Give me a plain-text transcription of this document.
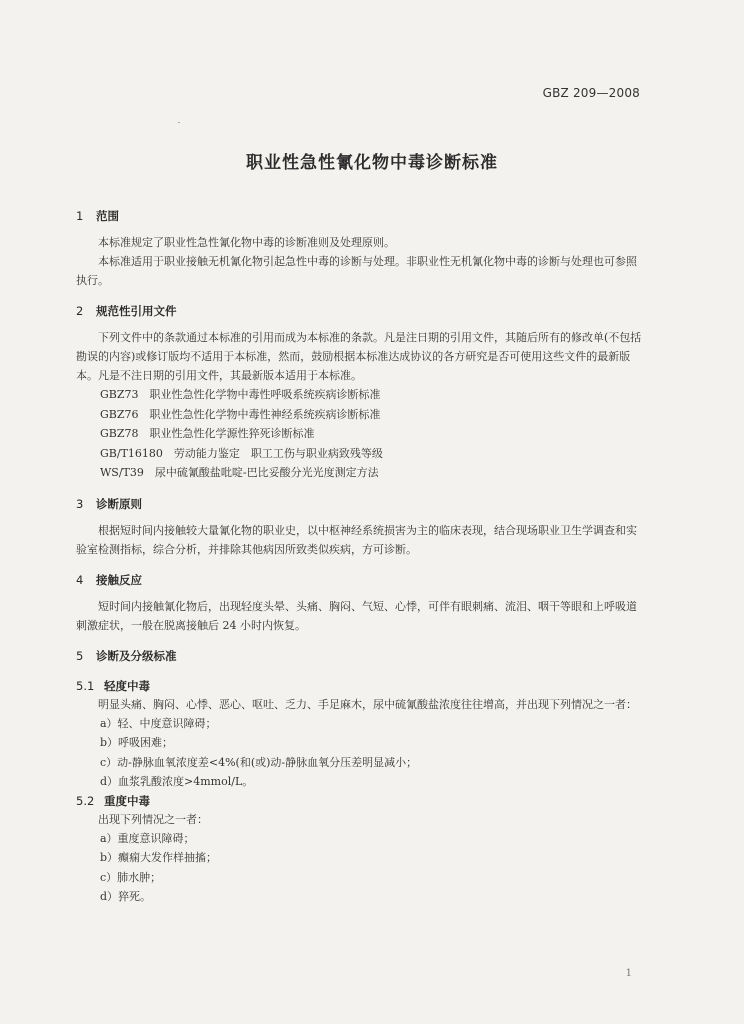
GBZ 209—2008
职业性急性氰化物中毒诊断标准
1 范围
本标准规定了职业性急性氰化物中毒的诊断准则及处理原则。
本标准适用于职业接触无机氰化物引起急性中毒的诊断与处理。非职业性无机氰化物中毒的诊断与处理也可参照执行。
2 规范性引用文件
下列文件中的条款通过本标准的引用而成为本标准的条款。凡是注日期的引用文件，其随后所有的修改单(不包括勘误的内容)或修订版均不适用于本标准，然而，鼓励根据本标准达成协议的各方研究是否可使用这些文件的最新版本。凡是不注日期的引用文件，其最新版本适用于本标准。
GBZ73　职业性急性化学物中毒性呼吸系统疾病诊断标准
GBZ76　职业性急性化学物中毒性神经系统疾病诊断标准
GBZ78　职业性急性化学源性猝死诊断标准
GB/T16180　劳动能力鉴定　职工工伤与职业病致残等级
WS/T39　尿中硫氰酸盐吡啶-巴比妥酸分光光度测定方法
3 诊断原则
根据短时间内接触较大量氰化物的职业史，以中枢神经系统损害为主的临床表现，结合现场职业卫生学调查和实验室检测指标，综合分析，并排除其他病因所致类似疾病，方可诊断。
4 接触反应
短时间内接触氰化物后，出现轻度头晕、头痛、胸闷、气短、心悸，可伴有眼刺痛、流泪、咽干等眼和上呼吸道刺激症状，一般在脱离接触后 24 小时内恢复。
5 诊断及分级标准
5.1 轻度中毒
明显头痛、胸闷、心悸、恶心、呕吐、乏力、手足麻木，尿中硫氰酸盐浓度往往增高，并出现下列情况之一者：
a）轻、中度意识障碍；
b）呼吸困难；
c）动-静脉血氧浓度差<4%(和(或)动-静脉血氧分压差明显减小；
d）血浆乳酸浓度>4mmol/L。
5.2 重度中毒
出现下列情况之一者：
a）重度意识障碍；
b）癫痫大发作样抽搐；
c）肺水肿；
d）猝死。
1
